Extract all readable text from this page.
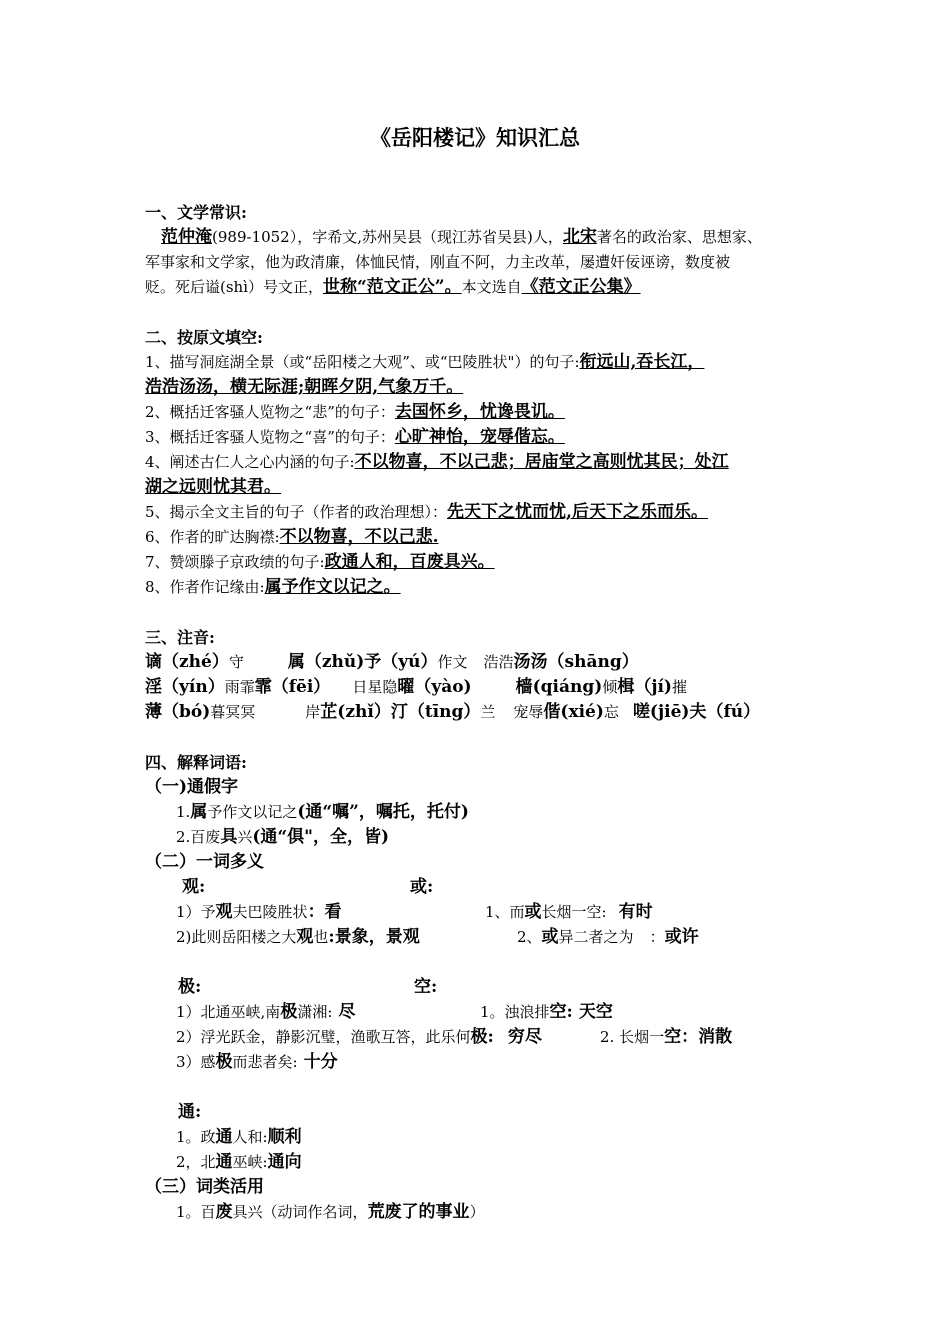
《岳阳楼记》知识汇总
一、文学常识:
范仲淹(989-1052），字希文,苏州吴县（现江苏省吴县)人，北宋著名的政治家、思想家、
军事家和文学家，他为政清廉，体恤民情，刚直不阿，力主改革，屡遭奸佞诬谤，数度被
贬。死后谥(shì）号文正，世称“范文正公”。本文选自《范文正公集》
二、按原文填空:
1、描写洞庭湖全景（或“岳阳楼之大观”、或“巴陵胜状"）的句子:衔远山,吞长江，
浩浩汤汤，横无际涯;朝晖夕阴,气象万千。
2、概括迁客骚人览物之“悲”的句子：去国怀乡，忧谗畏讥。
3、概括迁客骚人览物之“喜”的句子：心旷神怡，宠辱偕忘。
4、阐述古仁人之心内涵的句子:不以物喜，不以己悲；居庙堂之高则忧其民；处江
湖之远则忧其君。
5、揭示全文主旨的句子（作者的政治理想）：先天下之忧而忧,后天下之乐而乐。
6、作者的旷达胸襟:不以物喜，不以己悲.
7、赞颂滕子京政绩的句子:政通人和，百废具兴。
8、作者作记缘由:属予作文以记之。
三、注音:
谪（zhé）守	属（zhǔ)予（yú）作文 浩浩汤汤（shāng）
淫（yín）雨霏霏（fēi） 日星隐曜（yào)	樯(qiáng)倾楫（jí)摧
薄（bó)暮冥冥	岸芷(zhǐ）汀（tīng）兰 宠辱偕(xié)忘 嗟(jiē)夫（fú）
四、解释词语:
（一)通假字
1.属予作文以记之(通“嘱”，嘱托，托付)
2.百废具兴(通“俱"，全，皆)
（二）一词多义
观:	或:
1）予观夫巴陵胜状：看	1、而或长烟一空: 有时
2)此则岳阳楼之大观也:景象，景观	2、或异二者之为 ：或许
极:	空:
1）北通巫峡,南极潇湘: 尽	1。浊浪排空: 天空
2）浮光跃金，静影沉璧，渔歌互答，此乐何极: 穷尽	2. 长烟一空：消散
3）感极而悲者矣: 十分
通:
1。政通人和:顺利
2，北通巫峡:通向
（三）词类活用
1。百废具兴（动词作名词，荒废了的事业）
